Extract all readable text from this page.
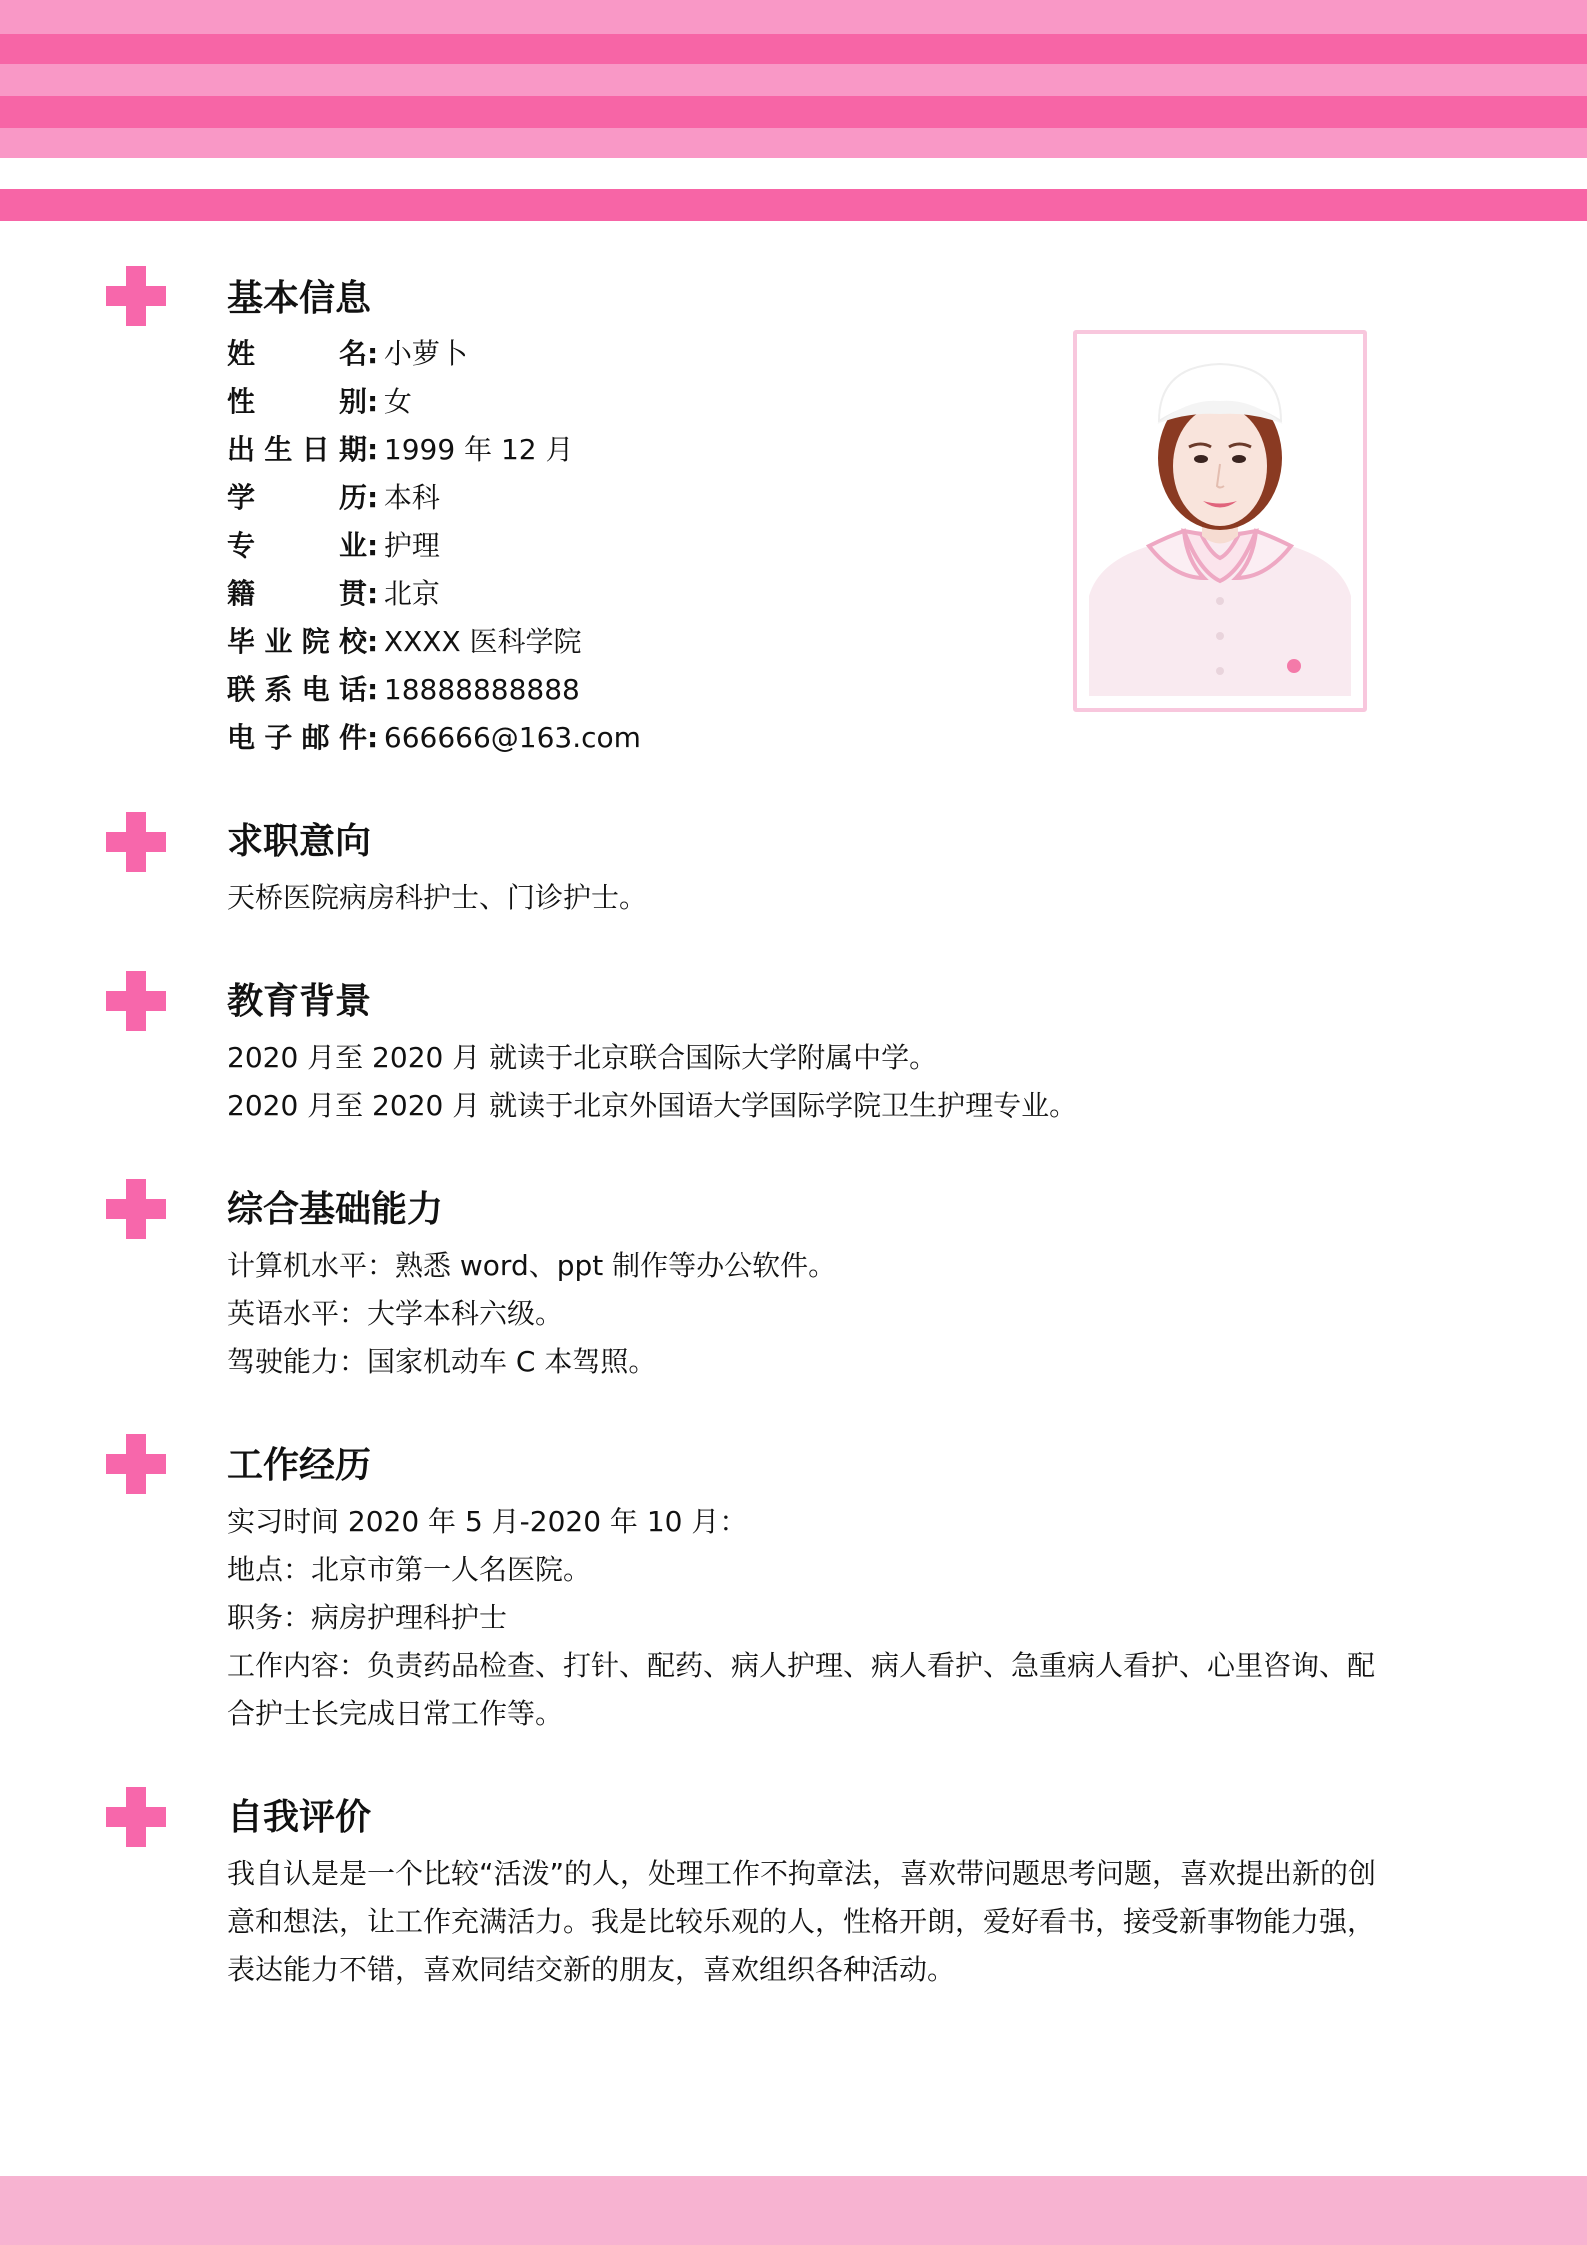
基本信息
姓名: 小萝卜
性别: 女
出生日期: 1999 年 12 月
学历: 本科
专业: 护理
籍贯: 北京
毕业院校: XXXX 医科学院
联系电话: 18888888888
电子邮件: 666666@163.com
求职意向
天桥医院病房科护士、门诊护士。
教育背景
2020 月至 2020 月 就读于北京联合国际大学附属中学。
2020 月至 2020 月 就读于北京外国语大学国际学院卫生护理专业。
综合基础能力
计算机水平：熟悉 word、ppt 制作等办公软件。
英语水平：大学本科六级。
驾驶能力：国家机动车 C 本驾照。
工作经历
实习时间 2020 年 5 月-2020 年 10 月：
地点：北京市第一人名医院。
职务：病房护理科护士
工作内容：负责药品检查、打针、配药、病人护理、病人看护、急重病人看护、心里咨询、配合护士长完成日常工作等。
自我评价
我自认是是一个比较“活泼”的人，处理工作不拘章法，喜欢带问题思考问题，喜欢提出新的创意和想法，让工作充满活力。我是比较乐观的人，性格开朗，爱好看书，接受新事物能力强，表达能力不错，喜欢同结交新的朋友，喜欢组织各种活动。
